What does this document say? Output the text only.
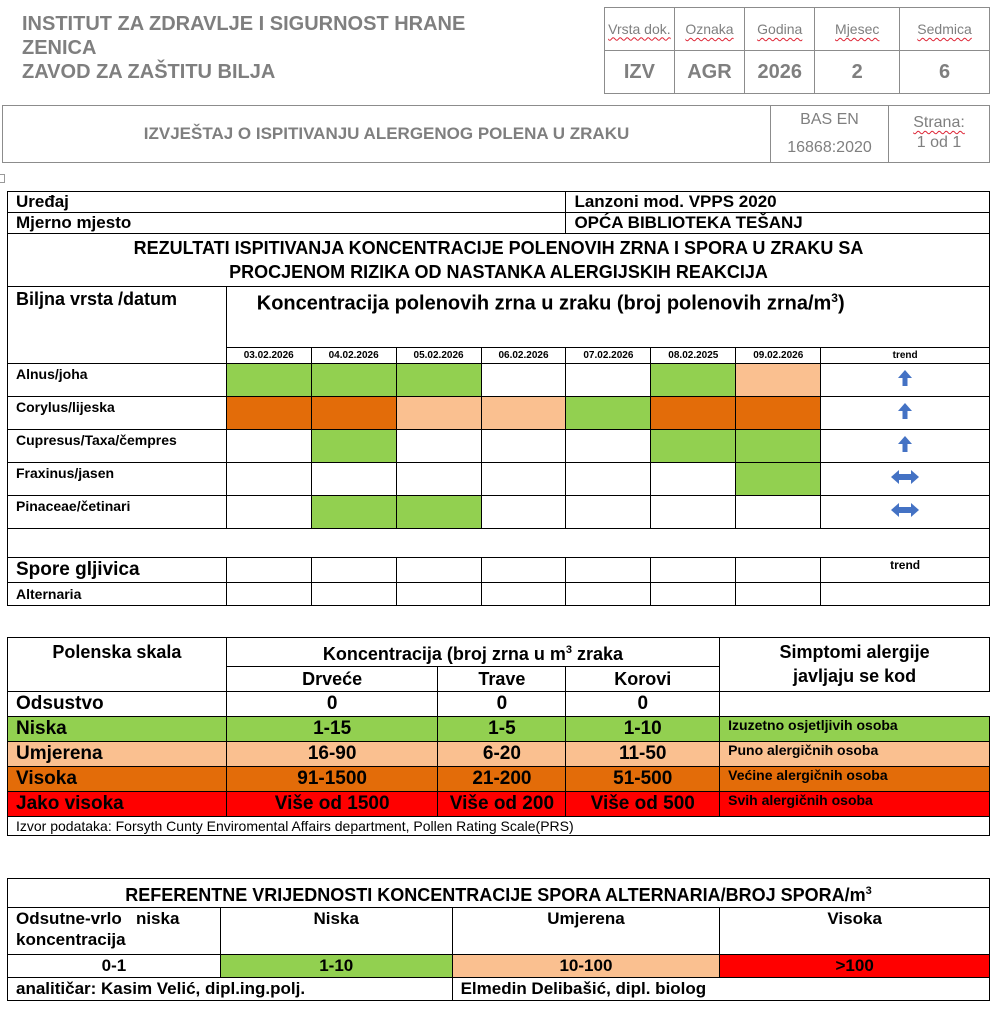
INSTITUT ZA ZDRAVLJE I SIGURNOST HRANE
ZENICA
ZAVOD ZA ZAŠTITU BILJA
Vrsta dok.	Oznaka	Godina	Mjesec	Sedmica
IZV	AGR	2026	2	6
IZVJEŠTAJ O ISPITIVANJU ALERGENOG POLENA U ZRAKU
BAS EN
16868:2020
Strana:
1 od 1
Uređaj					Lanzoni mod. VPPS 2020			
Mjerno mjesto					OPĆA BIBLIOTEKA TEŠANJ			

REZULTATI ISPITIVANJA KONCENTRACIJE POLENOVIH ZRNA I SPORA U ZRAKU SA
PROCJENOM RIZIKA OD NASTANKA ALERGIJSKIH REAKCIJA								

Biljna vrsta /datum	Koncentracija polenovih zrna u zraku (broj polenovih zrna/$m^3$)							
	03.02.2026	04.02.2026	05.02.2026	06.02.2026	07.02.2026	08.02.2025	09.02.2026	trend
Alnus/joha								
Corylus/lijeska								
Cupresus/Taxa/čempres								
Fraxinus/jasen								
Pinaceae/četinari								

Spore gljivica								trend
Alternaria								
Polenska skala	Koncentracija (broj zrna u $m^3$ zraka			Simptomi alergije javljaju se kod
	Drveće	Trave	Korovi	
Odsustvo	0	0	0	
Niska	1-15	1-5	1-10	Izuzetno osjetljivih osoba
Umjerena	16-90	6-20	11-50	Puno alergičnih osoba
Visoka	91-1500	21-200	51-500	Većine alergičnih osoba
Jako visoka	Više od 1500	Više od 200	Više od 500	Svih alergičnih osoba
Izvor podataka: Forsyth Cunty Enviromental Affairs department, Pollen Rating Scale(PRS)				
REFERENTNE VRIJEDNOSTI KONCENTRACIJE SPORA ALTERNARIA/BROJ SPORA/$m^3$
Odsutne-vrlo   niska koncentracija	Niska	Umjerena	Visoka
0-1	1-10	10-100	>100
analitičar: Kasim Velić, dipl.ing.polj.		Elmedin Delibašić, dipl. biolog	
